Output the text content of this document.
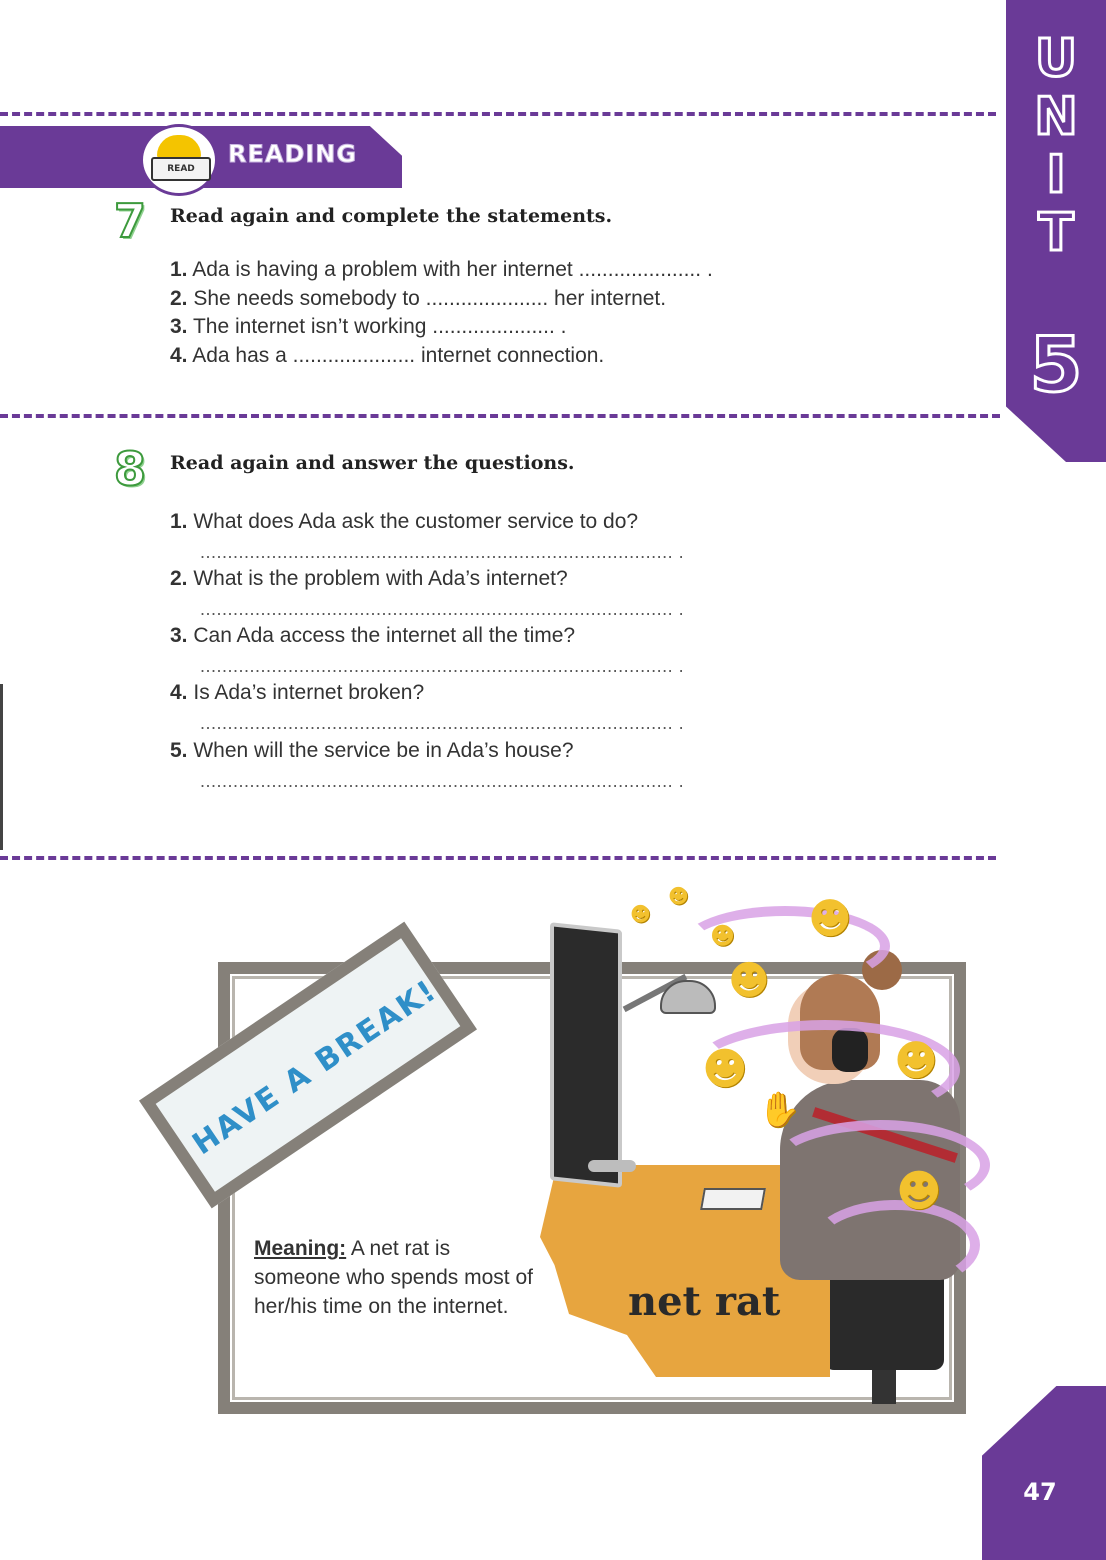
U
N
I
T
5
READ
READING
7 Read again and complete the statements.
1. Ada is having a problem with her internet ..................... .
2. She needs somebody to ..................... her internet.
3. The internet isn’t working ..................... .
4. Ada has a ..................... internet connection.
8 Read again and answer the questions.
1. What does Ada ask the customer service to do?
...................................................................................... .
2. What is the problem with Ada’s internet?
...................................................................................... .
3. Can Ada access the internet all the time?
...................................................................................... .
4. Is Ada’s internet broken?
...................................................................................... .
5. When will the service be in Ada’s house?
...................................................................................... .
☻
☻
☻ ☻
☻
☻	☻
✋
☻
HAVE A BREAK!
Meaning: A net rat is someone who spends most of her/his time on the internet.	net rat
47
